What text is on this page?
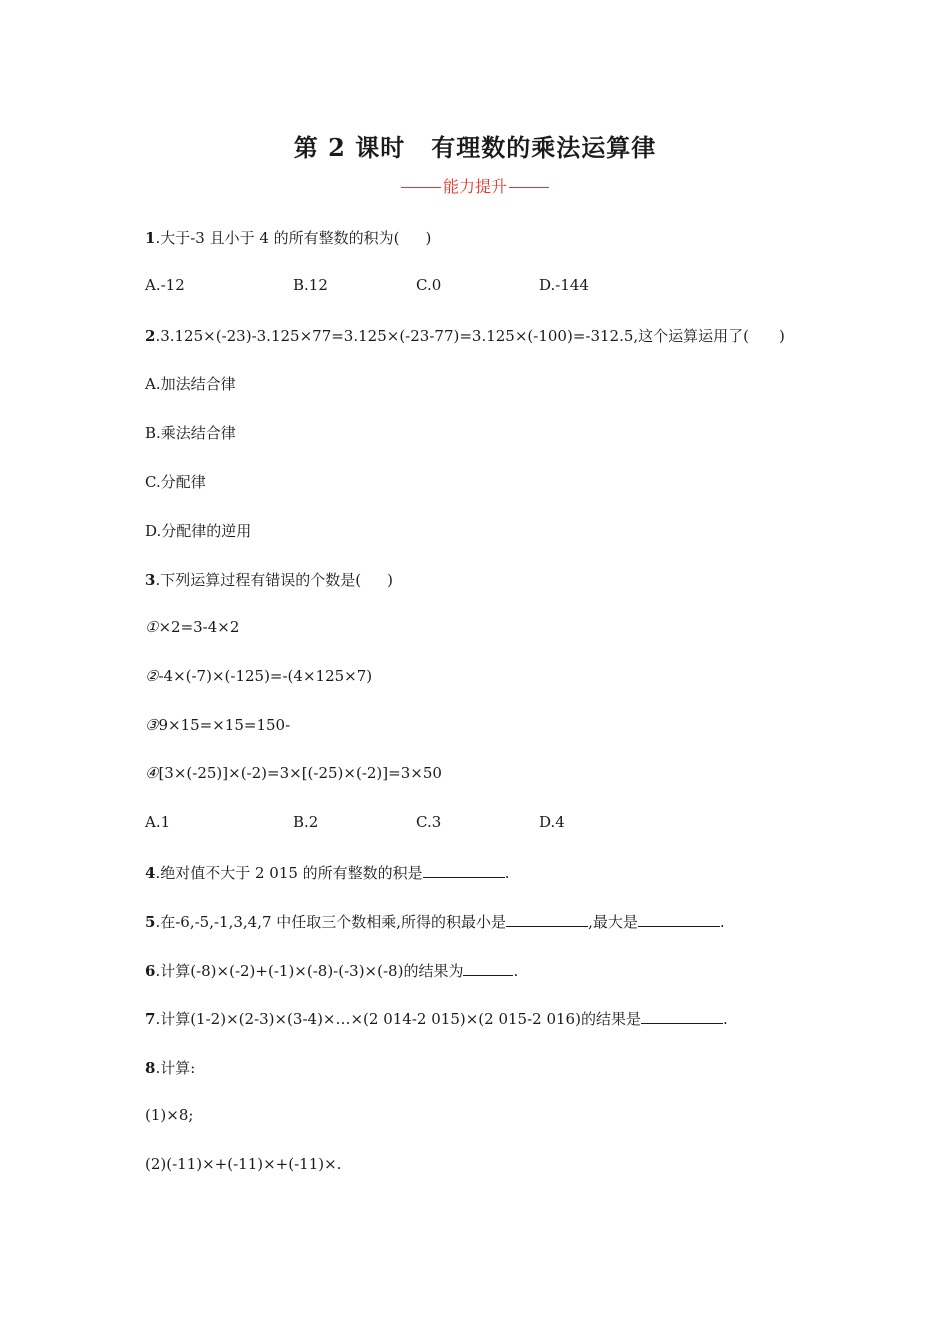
第 2 课时 有理数的乘法运算律
能力提升
1.大于-3 且小于 4 的所有整数的积为( )
A.-12	B.12	C.0	D.-144
2.3.125×(-23)-3.125×77=3.125×(-23-77)=3.125×(-100)=-312.5,这个运算运用了( )
A.加法结合律
B.乘法结合律
C.分配律
D.分配律的逆用
3.下列运算过程有错误的个数是( )
①×2=3-4×2
②-4×(-7)×(-125)=-(4×125×7)
③9×15=×15=150-
④[3×(-25)]×(-2)=3×[(-25)×(-2)]=3×50
A.1	B.2	C.3	D.4
4.绝对值不大于 2 015 的所有整数的积是	.
5.在-6,-5,-1,3,4,7 中任取三个数相乘,所得的积最小是	,最大是	.
6.计算(-8)×(-2)+(-1)×(-8)-(-3)×(-8)的结果为	.
7.计算(1-2)×(2-3)×(3-4)×…×(2 014-2 015)×(2 015-2 016)的结果是	.
8.计算:
(1)×8;
(2)(-11)×+(-11)×+(-11)×.
